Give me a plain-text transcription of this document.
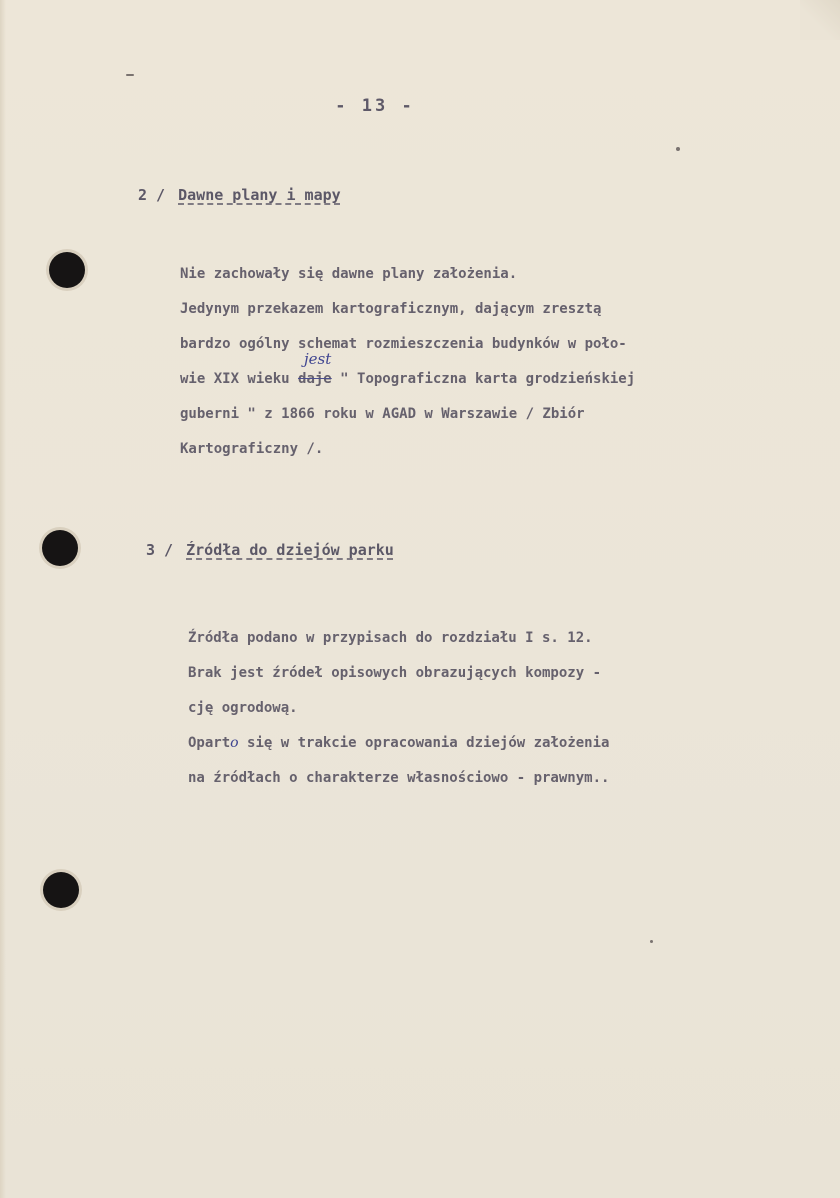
- 13 -
2 / Dawne plany i mapy
Nie zachowały się dawne plany założenia.
Jedynym przekazem kartograficznym, dającym zresztą
bardzo ogólny schemat rozmieszczenia budynków w poło-
wie XIX wieku
jest
daje " Topograficzna karta grodzieńskiej
guberni " z 1866 roku w AGAD w Warszawie / Zbiór
Kartograficzny /.
3 / Źródła do dziejów parku
Źródła podano w przypisach do rozdziału I s. 12.
Brak jest źródeł opisowych obrazujących kompozy -
cję ogrodową.
Oparto się w trakcie opracowania dziejów założenia
na źródłach o charakterze własnościowo - prawnym..
